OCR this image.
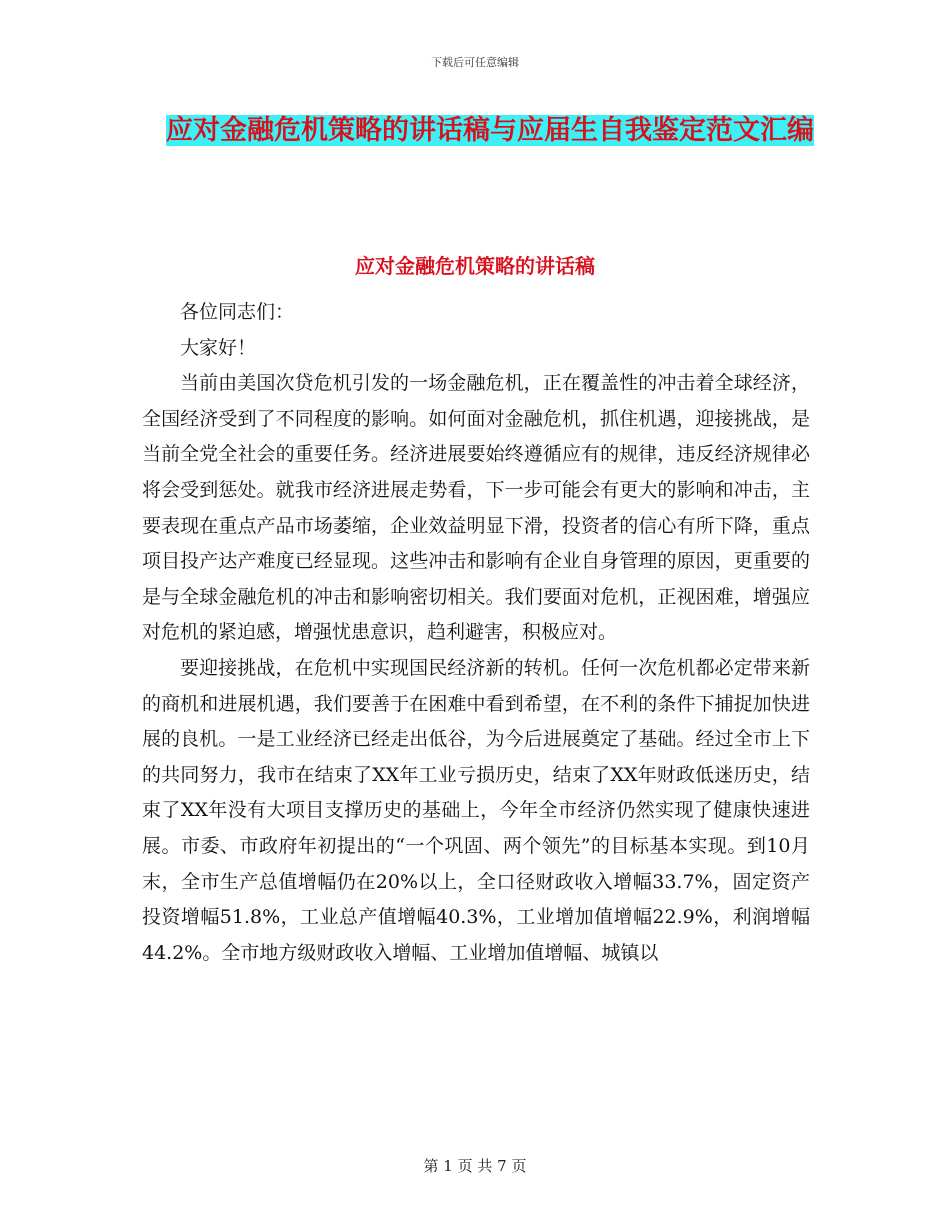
下载后可任意编辑
应对金融危机策略的讲话稿与应届生自我鉴定范文汇编
应对金融危机策略的讲话稿

各位同志们：

大家好！

当前由美国次贷危机引发的一场金融危机，正在覆盖性的冲击着全球经济，全国经济受到了不同程度的影响。如何面对金融危机，抓住机遇，迎接挑战，是当前全党全社会的重要任务。经济进展要始终遵循应有的规律，违反经济规律必将会受到惩处。就我市经济进展走势看，下一步可能会有更大的影响和冲击，主要表现在重点产品市场萎缩，企业效益明显下滑，投资者的信心有所下降，重点项目投产达产难度已经显现。这些冲击和影响有企业自身管理的原因，更重要的是与全球金融危机的冲击和影响密切相关。我们要面对危机，正视困难，增强应对危机的紧迫感，增强忧患意识，趋利避害，积极应对。

要迎接挑战，在危机中实现国民经济新的转机。任何一次危机都必定带来新的商机和进展机遇，我们要善于在困难中看到希望，在不利的条件下捕捉加快进展的良机。一是工业经济已经走出低谷，为今后进展奠定了基础。经过全市上下的共同努力，我市在结束了XX年工业亏损历史，结束了XX年财政低迷历史，结束了XX年没有大项目支撑历史的基础上，今年全市经济仍然实现了健康快速进展。市委、市政府年初提出的“一个巩固、两个领先”的目标基本实现。到10月末，全市生产总值增幅仍在20%以上，全口径财政收入增幅33.7%，固定资产投资增幅51.8%，工业总产值增幅40.3%，工业增加值增幅22.9%，利润增幅44.2%。全市地方级财政收入增幅、工业增加值增幅、城镇以

第 1 页 共 7 页
